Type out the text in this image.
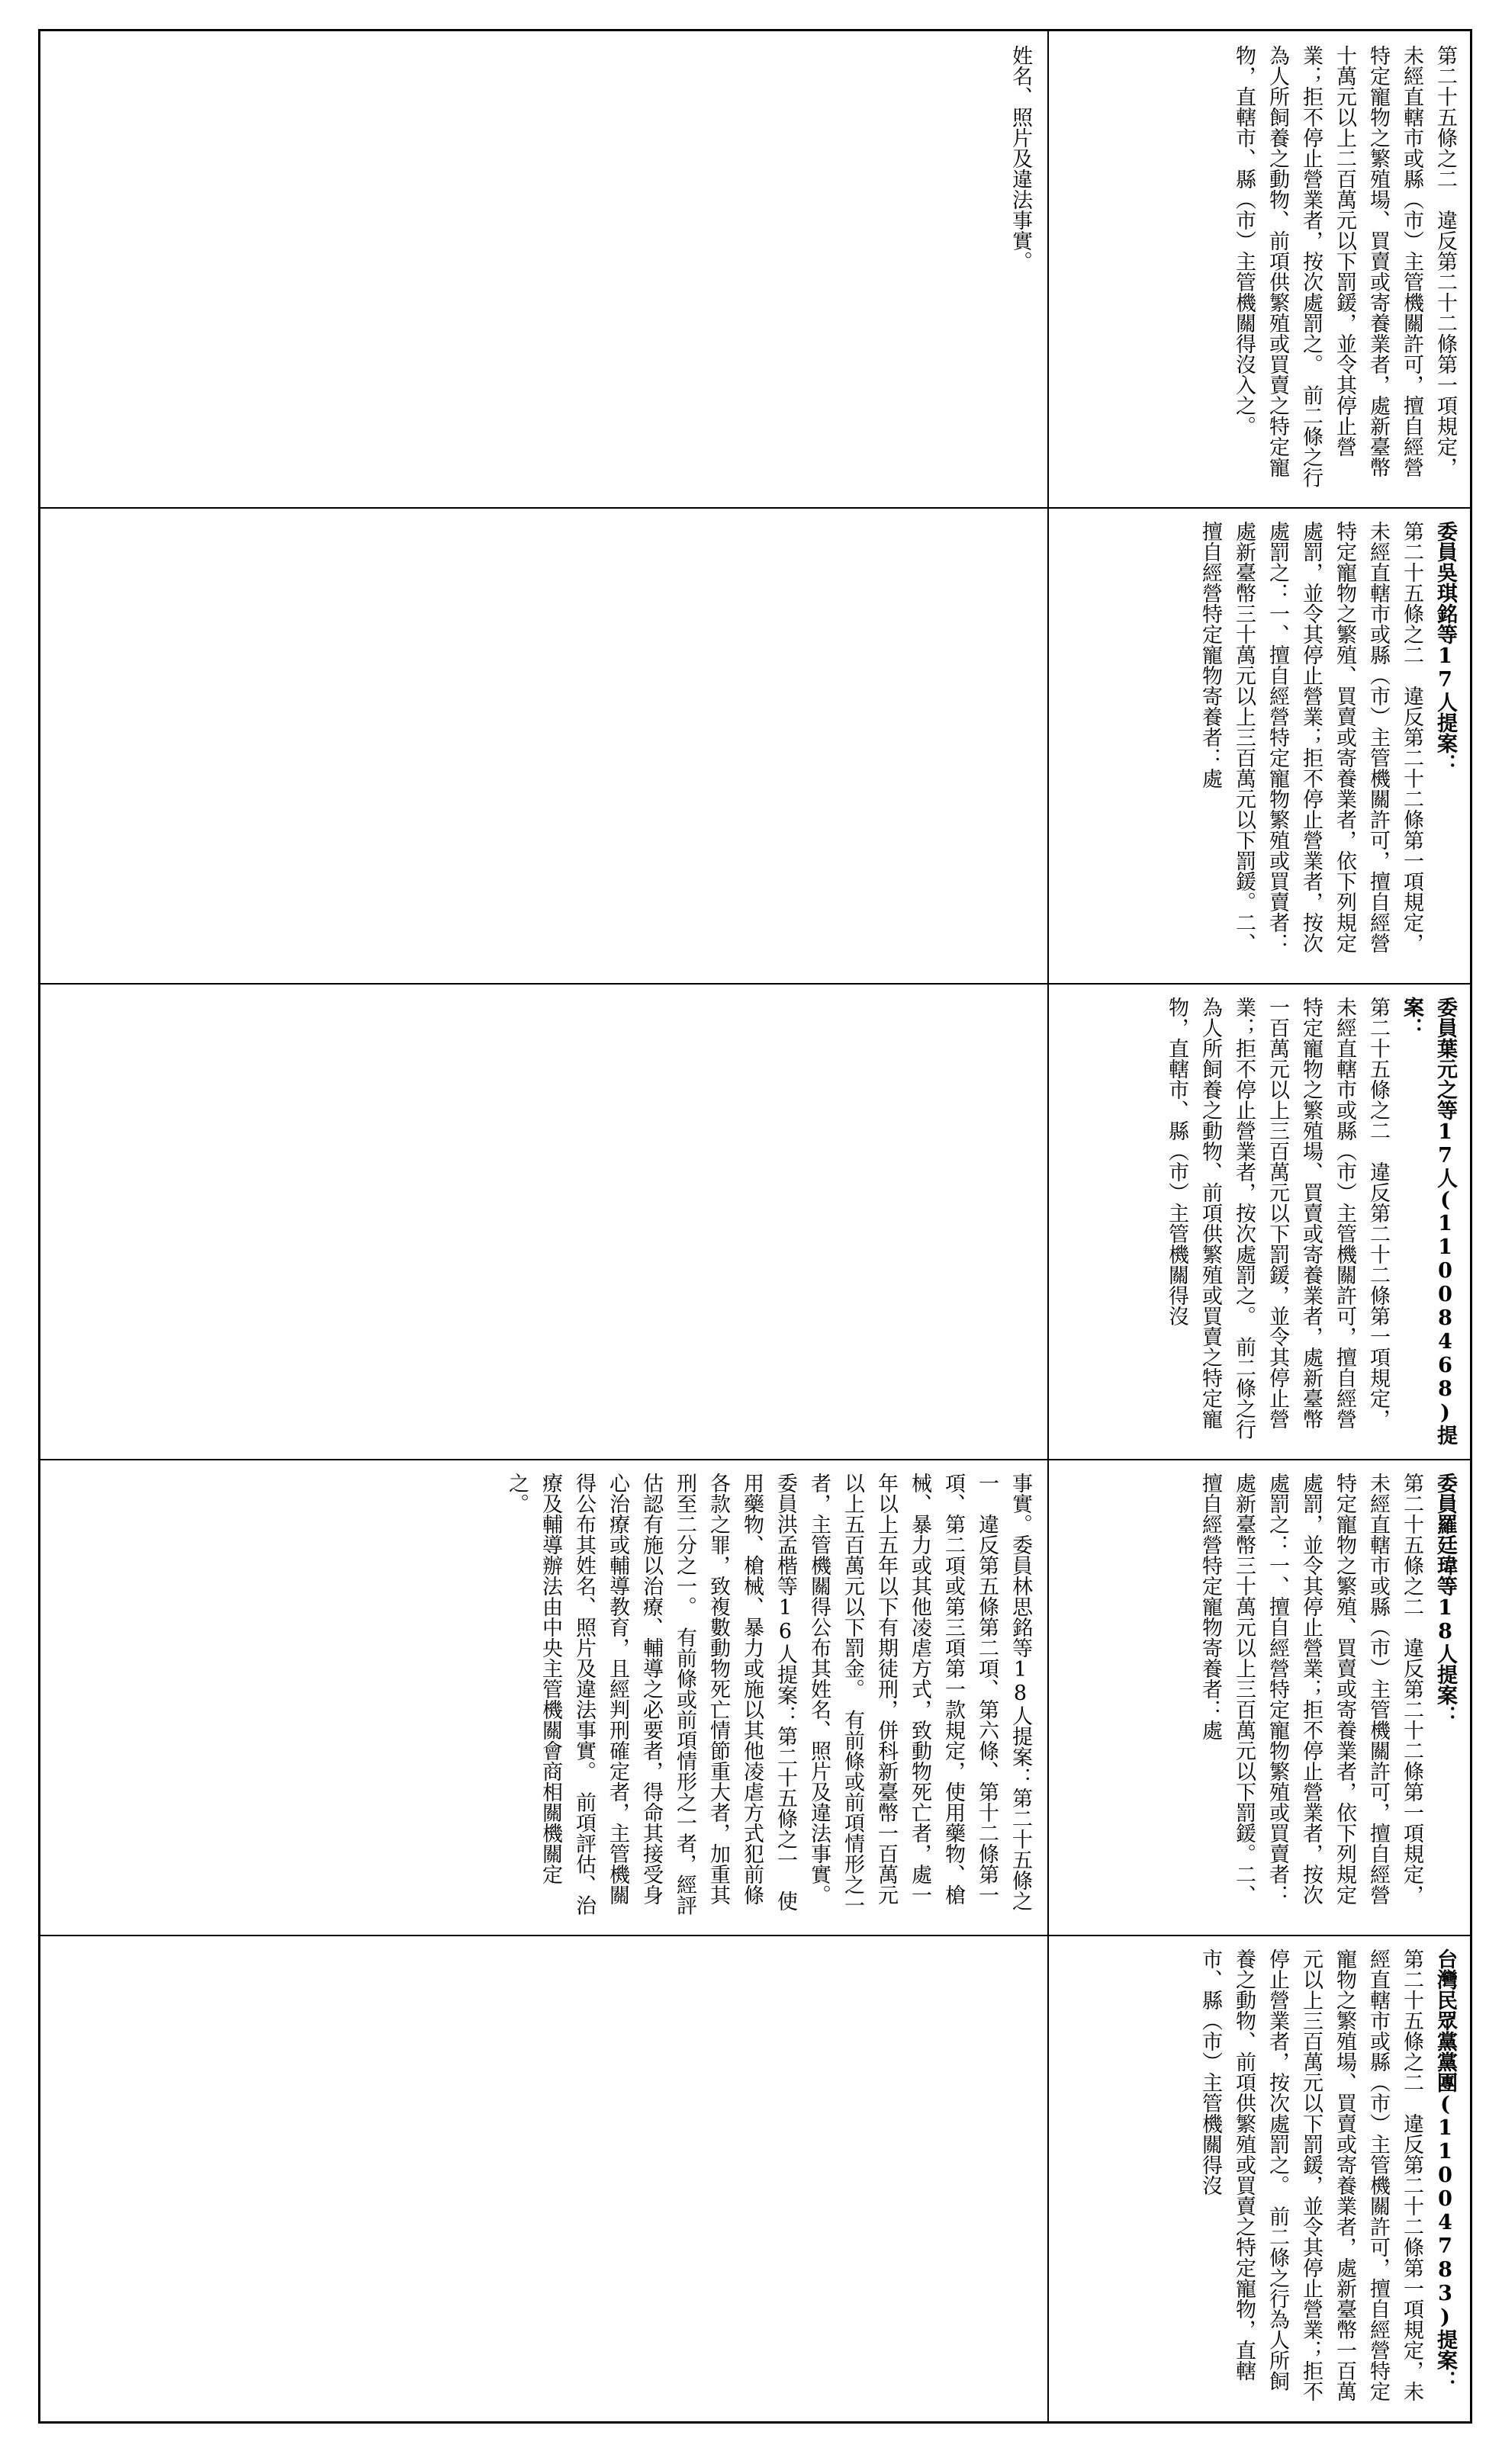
第二十五條之二　違反第二十二條第一項規定，未經直轄市或縣（市）主管機關許可，擅自經營特定寵物之繁殖場、買賣或寄養業者，處新臺幣十萬元以上二百萬元以下罰鍰，並令其停止營業；拒不停止營業者，按次處罰之。　前二條之行為人所飼養之動物、前項供繁殖或買賣之特定寵物，直轄市、縣（市）主管機關得沒入之。

姓名、照片及違法事實。

委員吳琪銘等17人提案：

第二十五條之二　違反第二十二條第一項規定，未經直轄市或縣（市）主管機關許可，擅自經營特定寵物之繁殖、買賣或寄養業者，依下列規定處罰，並令其停止營業；拒不停止營業者，按次處罰之：一、擅自經營特定寵物繁殖或買賣者：處新臺幣三十萬元以上三百萬元以下罰鍰。二、擅自經營特定寵物寄養者：處

委員葉元之等17人(1100846​8)提案：

第二十五條之二　違反第二十二條第一項規定，未經直轄市或縣（市）主管機關許可，擅自經營特定寵物之繁殖場、買賣或寄養業者，處新臺幣一百萬元以上三百萬元以下罰鍰，並令其停止營業；拒不停止營業者，按次處罰之。　前二條之行為人所飼養之動物、前項供繁殖或買賣之特定寵物，直轄市、縣（市）主管機關得沒

委員羅廷瑋等18人提案：

第二十五條之二　違反第二十二條第一項規定，未經直轄市或縣（市）主管機關許可，擅自經營特定寵物之繁殖、買賣或寄養業者，依下列規定處罰，並令其停止營業；拒不停止營業者，按次處罰之：一、擅自經營特定寵物繁殖或買賣者：處新臺幣三十萬元以上三百萬元以下罰鍰。二、擅自經營特定寵物寄養者：處

事實。委員林思銘等18人提案：第二十五條之一　違反第五條第二項、第六條、第十二條第一項、第二項或第三項第一款規定，使用藥物、槍械、暴力或其他凌虐方式，致動物死亡者，處一年以上五年以下有期徒刑，併科新臺幣一百萬元以上五百萬元以下罰金。　有前條或前項情形之一者，主管機關得公布其姓名、照片及違法事實。委員洪孟楷等16人提案：第二十五條之一　使用藥物、槍械、暴力或施以其他凌虐方式犯前條各款之罪，致複數動物死亡情節重大者，加重其刑至二分之一。　有前條或前項情形之一者，經評估認有施以治療、輔導之必要者，得命其接受身心治療或輔導教育，且經判刑確定者，主管機關得公布其姓名、照片及違法事實。　前項評估、治療及輔導辦法由中央主管機關會商相關機關定之。

台灣民眾黨黨團(11004783)提案：

第二十五條之二　違反第二十二條第一項規定，未經直轄市或縣（市）主管機關許可，擅自經營特定寵物之繁殖場、買賣或寄養業者，處新臺幣一百萬元以上三百萬元以下罰鍰，並令其停止營業；拒不停止營業者，按次處罰之。　前二條之行為人所飼養之動物、前項供繁殖或買賣之特定寵物，直轄市、縣（市）主管機關得沒
